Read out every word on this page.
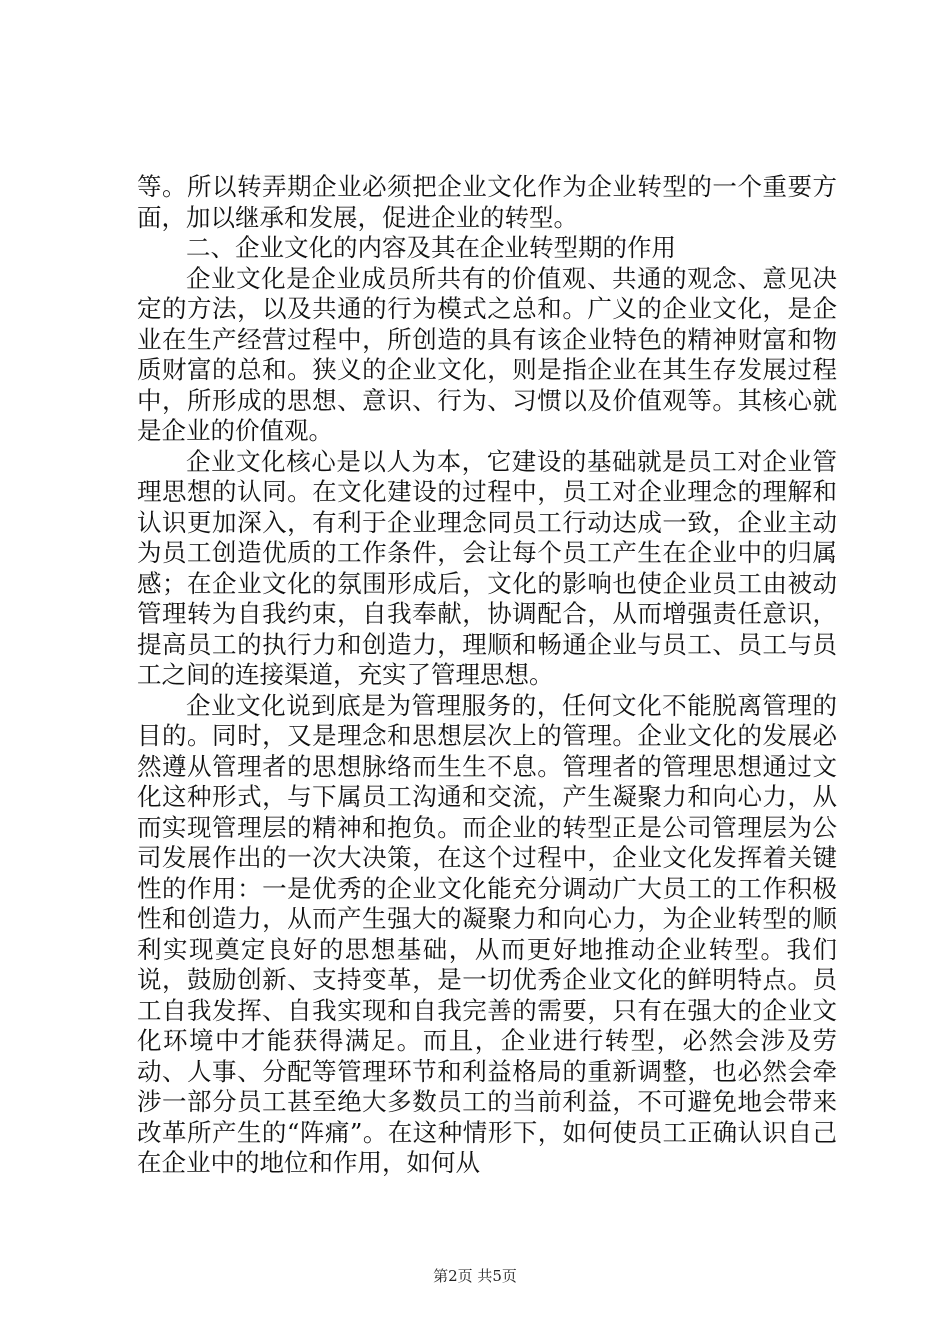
等。所以转弄期企业必须把企业文化作为企业转型的一个重要方面，加以继承和发展，促进企业的转型。

二、企业文化的内容及其在企业转型期的作用

企业文化是企业成员所共有的价值观、共通的观念、意见决定的方法，以及共通的行为模式之总和。广义的企业文化，是企业在生产经营过程中，所创造的具有该企业特色的精神财富和物质财富的总和。狭义的企业文化，则是指企业在其生存发展过程中，所形成的思想、意识、行为、习惯以及价值观等。其核心就是企业的价值观。

企业文化核心是以人为本，它建设的基础就是员工对企业管理思想的认同。在文化建设的过程中，员工对企业理念的理解和认识更加深入，有利于企业理念同员工行动达成一致，企业主动为员工创造优质的工作条件，会让每个员工产生在企业中的归属感；在企业文化的氛围形成后，文化的影响也使企业员工由被动管理转为自我约束，自我奉献，协调配合，从而增强责任意识，提高员工的执行力和创造力，理顺和畅通企业与员工、员工与员工之间的连接渠道，充实了管理思想。

企业文化说到底是为管理服务的，任何文化不能脱离管理的目的。同时，又是理念和思想层次上的管理。企业文化的发展必然遵从管理者的思想脉络而生生不息。管理者的管理思想通过文化这种形式，与下属员工沟通和交流，产生凝聚力和向心力，从而实现管理层的精神和抱负。而企业的转型正是公司管理层为公司发展作出的一次大决策，在这个过程中，企业文化发挥着关键性的作用：一是优秀的企业文化能充分调动广大员工的工作积极性和创造力，从而产生强大的凝聚力和向心力，为企业转型的顺利实现奠定良好的思想基础，从而更好地推动企业转型。我们说，鼓励创新、支持变革，是一切优秀企业文化的鲜明特点。员工自我发挥、自我实现和自我完善的需要，只有在强大的企业文化环境中才能获得满足。而且，企业进行转型，必然会涉及劳动、人事、分配等管理环节和利益格局的重新调整，也必然会牵涉一部分员工甚至绝大多数员工的当前利益，不可避免地会带来改革所产生的“阵痛”。在这种情形下，如何使员工正确认识自己在企业中的地位和作用，如何从

第2页 共5页
